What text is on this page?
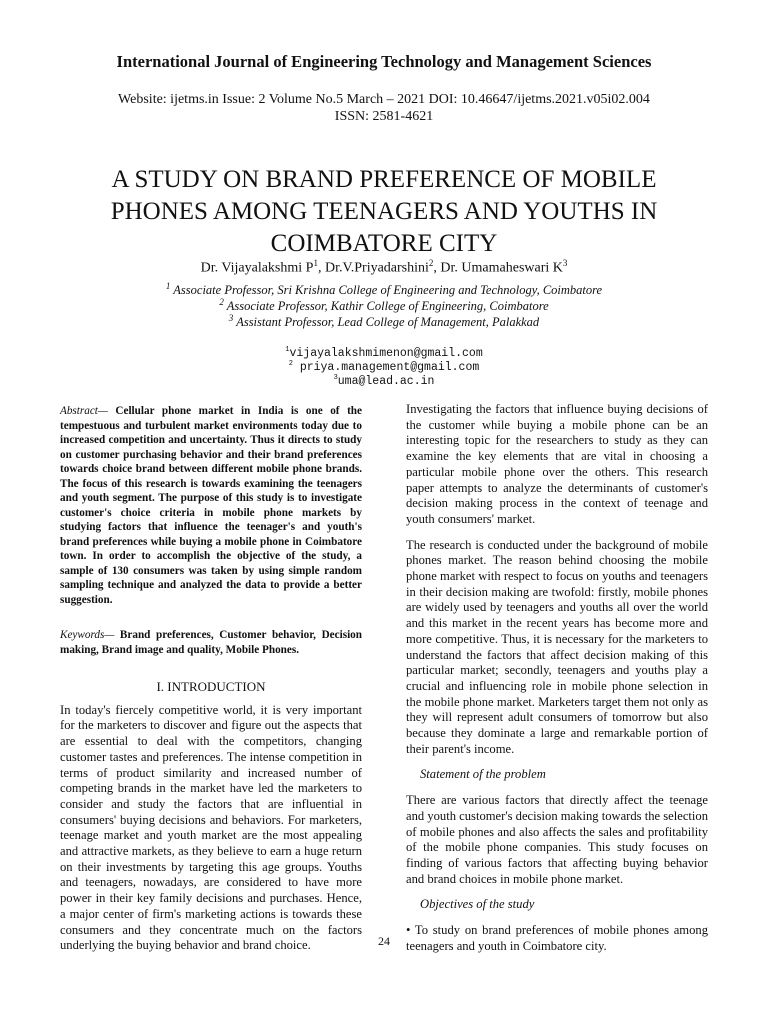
International Journal of Engineering Technology and Management Sciences
Website: ijetms.in Issue: 2 Volume No.5 March – 2021 DOI: 10.46647/ijetms.2021.v05i02.004
ISSN: 2581-4621
A STUDY ON BRAND PREFERENCE OF MOBILE PHONES AMONG TEENAGERS AND YOUTHS IN COIMBATORE CITY
Dr. Vijayalakshmi $P^1$, Dr.V.Priyadarshini$^2$, Dr. Umamaheswari $K^3$
$^1$ Associate Professor, Sri Krishna College of Engineering and Technology, Coimbatore
$^2$ Associate Professor, Kathir College of Engineering, Coimbatore
$^3$ Assistant Professor, Lead College of Management, Palakkad
$^1$vijayalakshmimenon@gmail.com
$^2$ priya.management@gmail.com
$^3$uma@lead.ac.in

Abstract— Cellular phone market in India is one of the tempestuous and turbulent market environments today due to increased competition and uncertainty. Thus it directs to study on customer purchasing behavior and their brand preferences towards choice brand between different mobile phone brands. The focus of this research is towards examining the teenagers and youth segment. The purpose of this study is to investigate customer's choice criteria in mobile phone markets by studying factors that influence the teenager's and youth's brand preferences while buying a mobile phone in Coimbatore town. In order to accomplish the objective of the study, a sample of 130 consumers was taken by using simple random sampling technique and analyzed the data to provide a better suggestion.

Keywords— Brand preferences, Customer behavior, Decision making, Brand image and quality, Mobile Phones.

I. INTRODUCTION

In today's fiercely competitive world, it is very important for the marketers to discover and figure out the aspects that are essential to deal with the competitors, changing customer tastes and preferences. The intense competition in terms of product similarity and increased number of competing brands in the market have led the marketers to consider and study the factors that are influential in consumers' buying decisions and behaviors. For marketers, teenage market and youth market are the most appealing and attractive markets, as they believe to earn a huge return on their investments by targeting this age groups. Youths and teenagers, nowadays, are considered to have more power in their key family decisions and purchases. Hence, a major center of firm's marketing actions is towards these consumers and they concentrate much on the factors underlying the buying behavior and brand choice.

Investigating the factors that influence buying decisions of the customer while buying a mobile phone can be an interesting topic for the researchers to study as they can examine the key elements that are vital in choosing a particular mobile phone over the others. This research paper attempts to analyze the determinants of customer's decision making process in the context of teenage and youth consumers' market.

The research is conducted under the background of mobile phones market. The reason behind choosing the mobile phone market with respect to focus on youths and teenagers in their decision making are twofold: firstly, mobile phones are widely used by teenagers and youths all over the world and this market in the recent years has become more and more competitive. Thus, it is necessary for the marketers to understand the factors that affect decision making of this particular market; secondly, teenagers and youths play a crucial and influencing role in mobile phone selection in the mobile phone market. Marketers target them not only as they will represent adult consumers of tomorrow but also because they dominate a large and remarkable portion of their parent's income.

Statement of the problem

There are various factors that directly affect the teenage and youth customer's decision making towards the selection of mobile phones and also affects the sales and profitability of the mobile phone companies. This study focuses on finding of various factors that affecting buying behavior and brand choices in mobile phone market.

Objectives of the study

• To study on brand preferences of mobile phones among teenagers and youth in Coimbatore city.

24
